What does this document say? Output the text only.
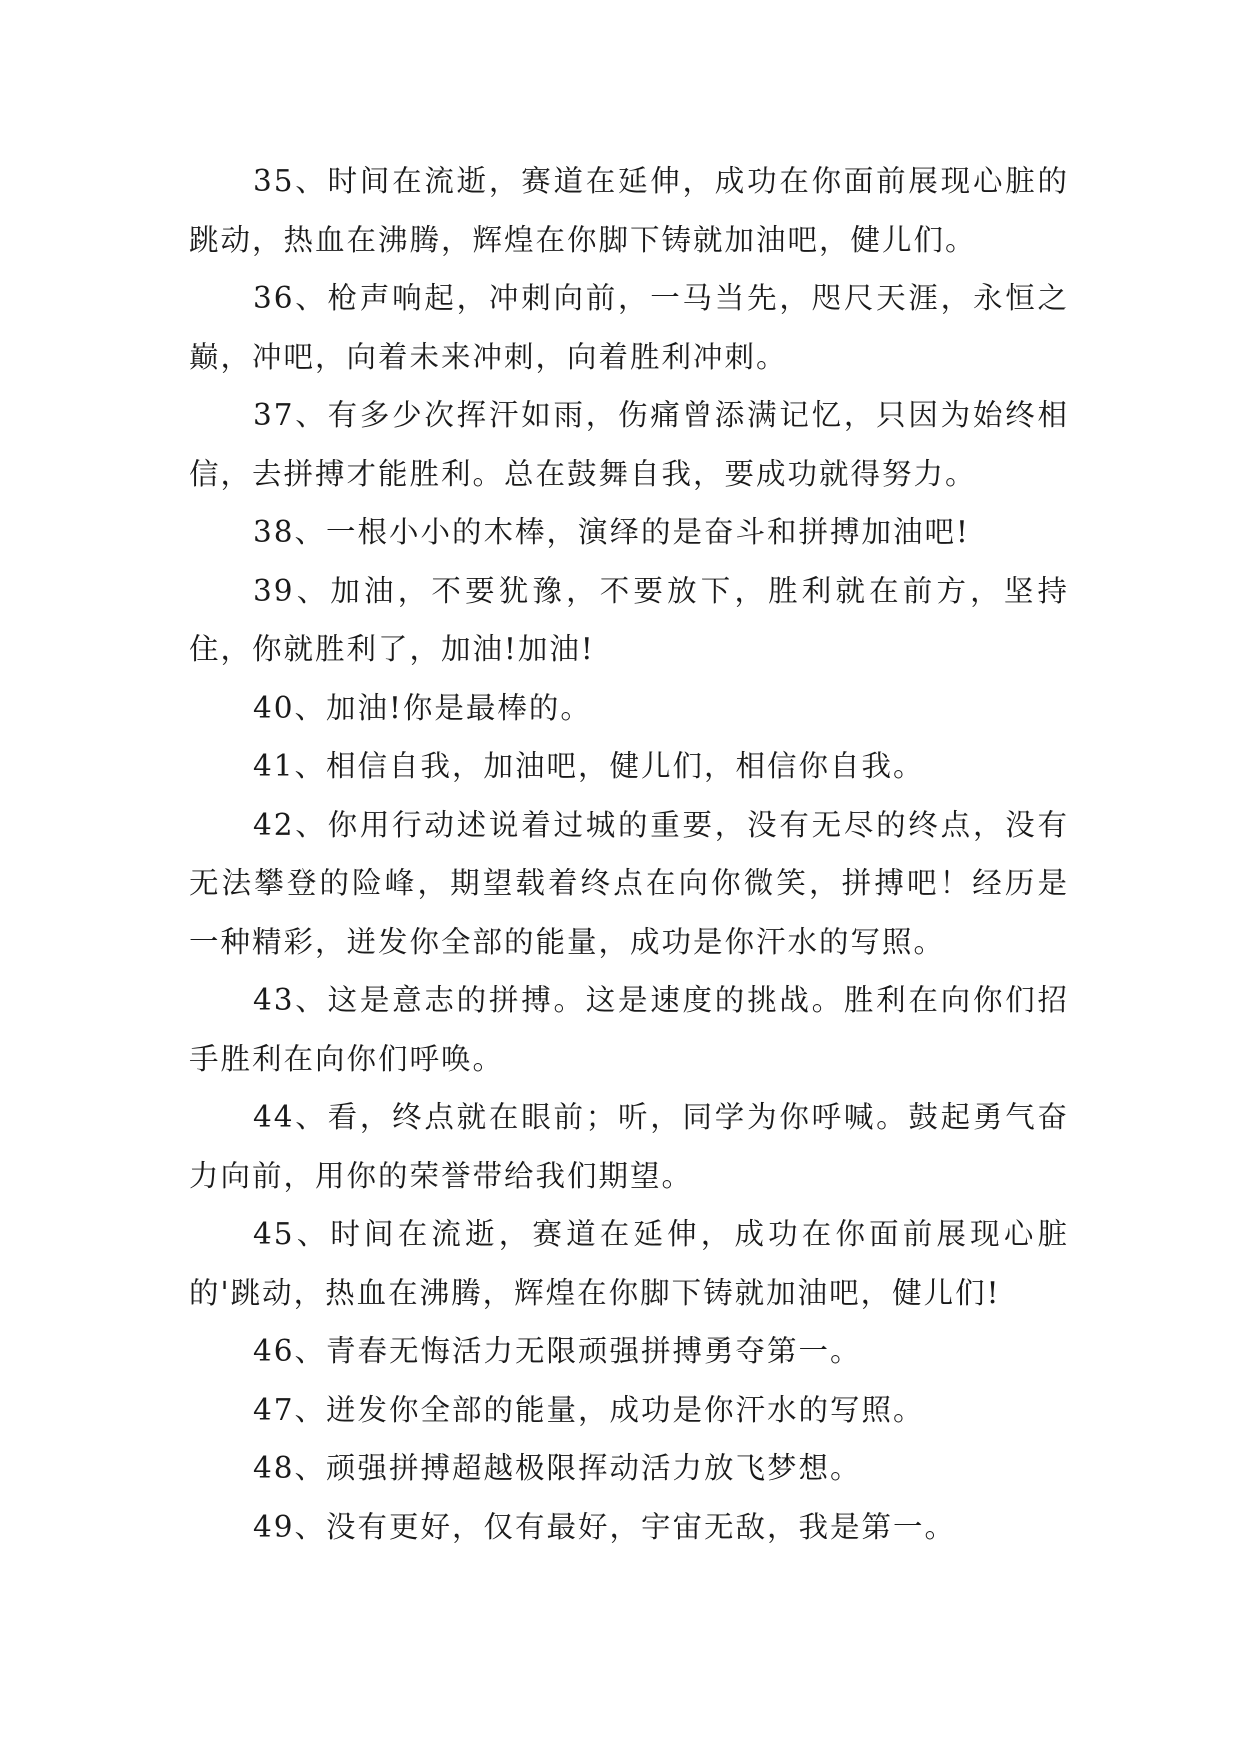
35、时间在流逝，赛道在延伸，成功在你面前展现心脏的跳动，热血在沸腾，辉煌在你脚下铸就加油吧，健儿们。

36、枪声响起，冲刺向前，一马当先，咫尺天涯，永恒之巅，冲吧，向着未来冲刺，向着胜利冲刺。

37、有多少次挥汗如雨，伤痛曾添满记忆，只因为始终相信，去拼搏才能胜利。总在鼓舞自我，要成功就得努力。

38、一根小小的木棒，演绎的是奋斗和拼搏加油吧!

39、加油，不要犹豫，不要放下，胜利就在前方，坚持住，你就胜利了，加油!加油!

40、加油!你是最棒的。

41、相信自我，加油吧，健儿们，相信你自我。

42、你用行动述说着过城的重要，没有无尽的终点，没有无法攀登的险峰，期望载着终点在向你微笑，拼搏吧！经历是一种精彩，迸发你全部的能量，成功是你汗水的写照。

43、这是意志的拼搏。这是速度的挑战。胜利在向你们招手胜利在向你们呼唤。

44、看，终点就在眼前；听，同学为你呼喊。鼓起勇气奋力向前，用你的荣誉带给我们期望。

45、时间在流逝，赛道在延伸，成功在你面前展现心脏的'跳动，热血在沸腾，辉煌在你脚下铸就加油吧，健儿们!

46、青春无悔活力无限顽强拼搏勇夺第一。

47、迸发你全部的能量，成功是你汗水的写照。

48、顽强拼搏超越极限挥动活力放飞梦想。

49、没有更好，仅有最好，宇宙无敌，我是第一。
